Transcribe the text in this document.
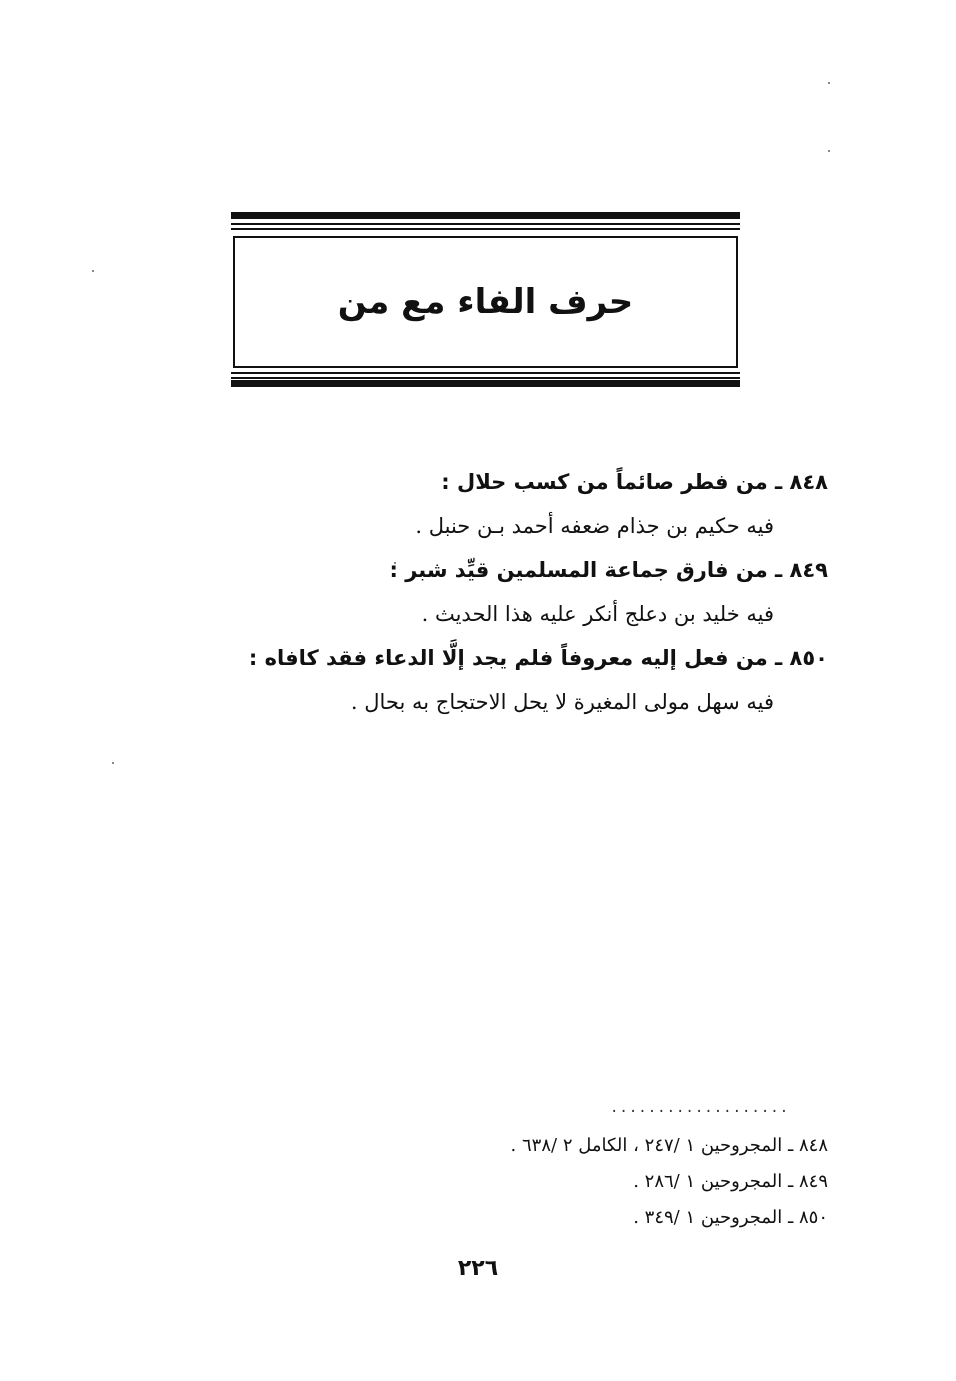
حرف الفاء مع من
٨٤٨ ـ من فطر صائماً من كسب حلال :
فيه حكيم بن جذام ضعفه أحمد بـن حنبل .
٨٤٩ ـ من فارق جماعة المسلمين قيِّد شبر :
فيه خليد بن دعلج أنكر عليه هذا الحديث .
٨٥٠ ـ من فعل إليه معروفاً فلم يجد إلَّا الدعاء فقد كافاه :
فيه سهل مولى المغيرة لا يحل الاحتجاج به بحال .
...................
٨٤٨ ـ المجروحين ١ /٢٤٧ ، الكامل ٢ /٦٣٨ .
٨٤٩ ـ المجروحين ١ /٢٨٦ .
٨٥٠ ـ المجروحين ١ /٣٤٩ .
٢٢٦
